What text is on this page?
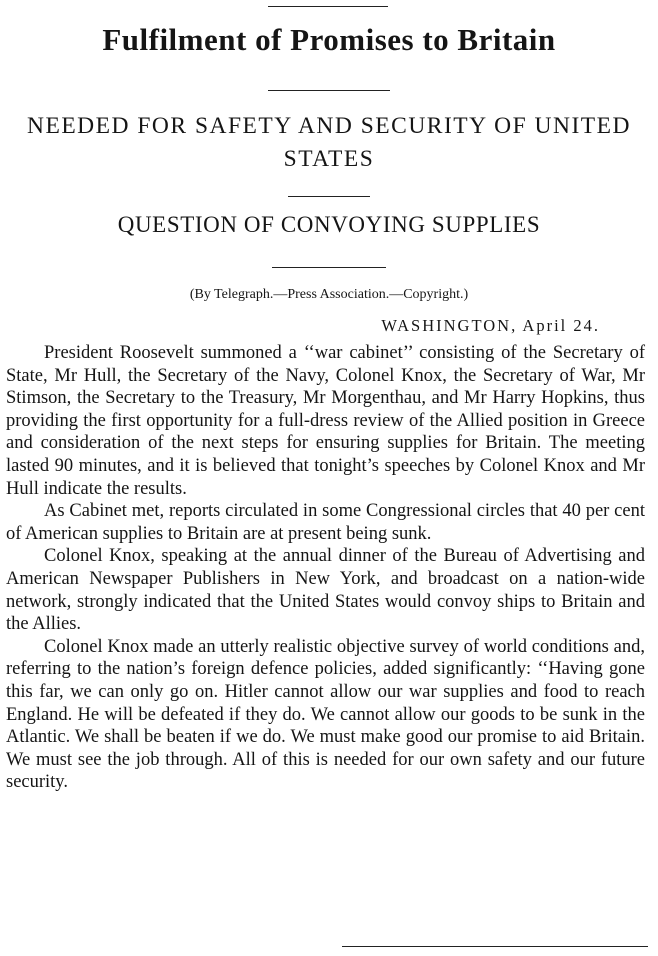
Fulfilment of Promises to Britain
NEEDED FOR SAFETY AND SECURITY OF UNITED STATES
QUESTION OF CONVOYING SUPPLIES
(By Telegraph.—Press Association.—Copyright.)
WASHINGTON, April 24.

President Roosevelt summoned a ‘‘war cabinet’’ consisting of the Secretary of State, Mr Hull, the Secretary of the Navy, Colonel Knox, the Secretary of War, Mr Stimson, the Secretary to the Treasury, Mr Morgenthau, and Mr Harry Hopkins, thus providing the first opportunity for a full-dress review of the Allied position in Greece and consideration of the next steps for ensuring supplies for Britain. The meeting lasted 90 minutes, and it is believed that tonight’s speeches by Colonel Knox and Mr Hull indicate the results.

As Cabinet met, reports circulated in some Congressional circles that 40 per cent of American supplies to Britain are at present being sunk.

Colonel Knox, speaking at the annual dinner of the Bureau of Advertising and American Newspaper Publishers in New York, and broadcast on a nation-wide network, strongly indicated that the United States would convoy ships to Britain and the Allies.

Colonel Knox made an utterly realistic objective survey of world conditions and, referring to the nation’s foreign defence policies, added significantly: ‘‘Having gone this far, we can only go on. Hitler cannot allow our war supplies and food to reach England. He will be defeated if they do. We cannot allow our goods to be sunk in the Atlantic. We shall be beaten if we do. We must make good our promise to aid Britain. We must see the job through. All of this is needed for our own safety and our future security.
